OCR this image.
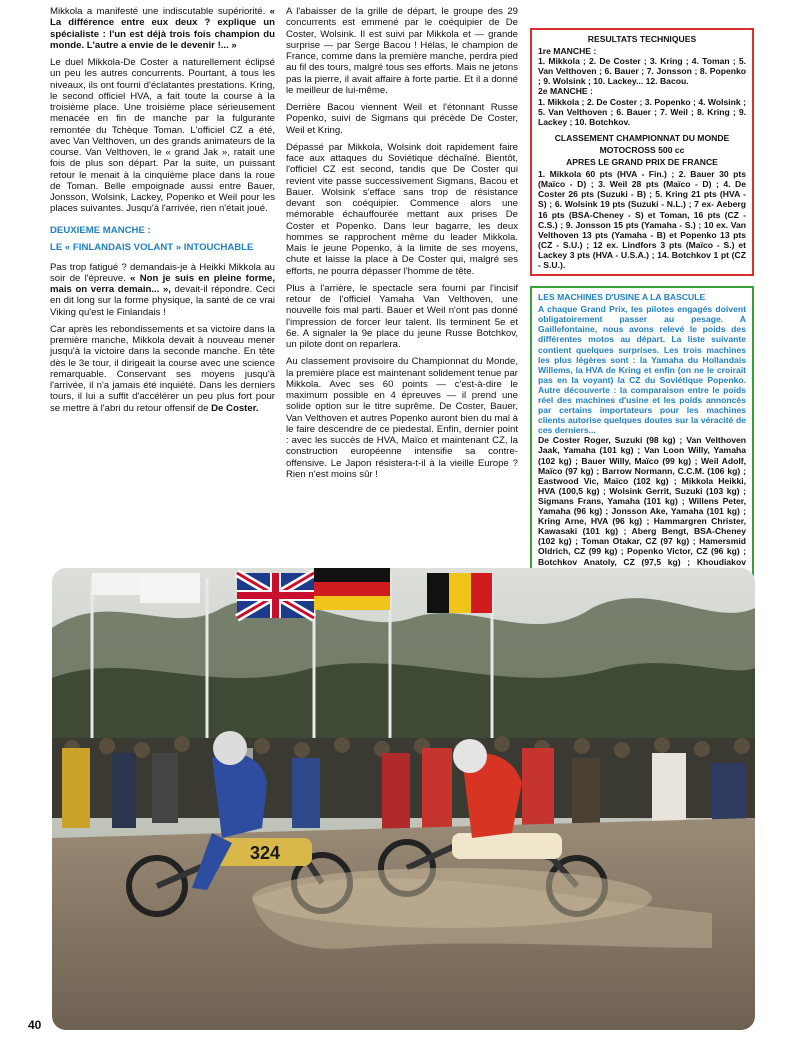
Mikkola a manifesté une indiscutable supériorité. « La différence entre eux deux ? explique un spécialiste : l'un est déjà trois fois champion du monde. L'autre a envie de le devenir !... »

Le duel Mikkola-De Coster a naturellement éclipsé un peu les autres concurrents. Pourtant, à tous les niveaux, ils ont fourni d'éclatantes prestations. Kring, le second officiel HVA, a fait toute la course à la troisième place. Une troisième place sérieusement menacée en fin de manche par la fulgurante remontée du Tchèque Toman. L'officiel CZ a été, avec Van Velthoven, un des grands animateurs de la course. Van Velthoven, le « grand Jak », ratait une fois de plus son départ. Par la suite, un puissant retour le menait à la cinquième place dans la roue de Toman. Belle empoignade aussi entre Bauer, Jonsson, Wolsink, Lackey, Popenko et Weil pour les places suivantes. Jusqu'à l'arrivée, rien n'était joué.

DEUXIEME MANCHE :
LE « FINLANDAIS VOLANT » INTOUCHABLE

Pas trop fatigué ? demandais-je à Heikki Mikkola au soir de l'épreuve. « Non je suis en pleine forme, mais on verra demain... », devait-il répondre. Ceci en dit long sur la forme physique, la santé de ce vrai Viking qu'est le Finlandais !

Car après les rebondissements et sa victoire dans la première manche, Mikkola devait à nouveau mener jusqu'à la victoire dans la seconde manche. En tête dès le 3e tour, il dirigeait la course avec une science remarquable. Conservant ses moyens jusqu'à l'arrivée, il n'a jamais été inquiété. Dans les derniers tours, il lui a suffit d'accélérer un peu plus fort pour se mettre à l'abri du retour offensif de De Coster.

A l'abaisser de la grille de départ, le groupe des 29 concurrents est emmené par le coéquipier de De Coster, Wolsink. Il est suivi par Mikkola et — grande surprise — par Serge Bacou ! Hélas, le champion de France, comme dans la première manche, perdra pied au fil des tours, malgré tous ses efforts. Mais ne jetons pas la pierre, il avait affaire à forte partie. Et il a donné le meilleur de lui-même.

Derrière Bacou viennent Weil et l'étonnant Russe Popenko, suivi de Sigmans qui précède De Coster, Weil et Kring.

Dépassé par Mikkola, Wolsink doit rapidement faire face aux attaques du Soviétique déchaîné. Bientôt, l'officiel CZ est second, tandis que De Coster qui revient vite passe successivement Sigmans, Bacou et Bauer. Wolsink s'efface sans trop de résistance devant son coéquipier. Commence alors une mémorable échauffourée mettant aux prises De Coster et Popenko. Dans leur bagarre, les deux hommes se rapprochent même du leader Mikkola. Mais le jeune Popenko, à la limite de ses moyens, chute et laisse la place à De Coster qui, malgré ses efforts, ne pourra dépasser l'homme de tête.

Plus à l'arrière, le spectacle sera fourni par l'incisif retour de l'officiel Yamaha Van Velthoven, une nouvelle fois mal parti. Bauer et Weil n'ont pas donné l'impression de forcer leur talent. Ils terminent 5e et 6e. A signaler la 9e place du jeune Russe Botchkov, un pilote dont on reparlera.

Au classement provisoire du Championnat du Monde, la première place est maintenant solidement tenue par Mikkola. Avec ses 60 points — c'est-à-dire le maximum possible en 4 épreuves — il prend une solide option sur le titre suprême. De Coster, Bauer, Van Velthoven et autres Popenko auront bien du mal à le faire descendre de ce piedestal. Enfin, dernier point : avec les succès de HVA, Maïco et maintenant CZ, la construction européenne intensifie sa contre-offensive. Le Japon résistera-t-il à la vieille Europe ? Rien n'est moins sûr !

RESULTATS TECHNIQUES

1re MANCHE :

1. Mikkola ; 2. De Coster ; 3. Kring ; 4. Toman ; 5. Van Velthoven ; 6. Bauer ; 7. Jonsson ; 8. Popenko ; 9. Wolsink ; 10. Lackey... 12. Bacou.

2e MANCHE :

1. Mikkola ; 2. De Coster ; 3. Popenko ; 4. Wolsink ; 5. Van Velthoven ; 6. Bauer ; 7. Weil ; 8. Kring ; 9. Lackey ; 10. Botchkov.

CLASSEMENT CHAMPIONNAT DU MONDE
MOTOCROSS 500 cc
APRES LE GRAND PRIX DE FRANCE

1. Mikkola 60 pts (HVA - Fin.) ; 2. Bauer 30 pts (Maïco - D) ; 3. Weil 28 pts (Maïco - D) ; 4. De Coster 26 pts (Suzuki - B) ; 5. Kring 21 pts (HVA - S) ; 6. Wolsink 19 pts (Suzuki - N.L.) ; 7 ex- Aeberg 16 pts (BSA-Cheney - S) et Toman, 16 pts (CZ - C.S.) ; 9. Jonsson 15 pts (Yamaha - S.) ; 10 ex. Van Velthoven 13 pts (Yamaha - B) et Popenko 13 pts (CZ - S.U.) ; 12 ex. Lindfors 3 pts (Maïco - S.) et Lackey 3 pts (HVA - U.S.A.) ; 14. Botchkov 1 pt (CZ - S.U.).

LES MACHINES D'USINE A LA BASCULE

A chaque Grand Prix, les pilotes engagés doivent obligatoirement passer au pesage. A Gaillefontaine, nous avons relevé le poids des différentes motos au départ. La liste suivante contient quelques surprises. Les trois machines les plus légères sont : la Yamaha du Hollandais Willems, la HVA de Kring et enfin (on ne le croirait pas en la voyant) la CZ du Soviétique Popenko. Autre découverte : la comparaison entre le poids réel des machines d'usine et les poids annoncés par certains importateurs pour les machines clients autorise quelques doutes sur la véracité de ces derniers...

De Coster Roger, Suzuki (98 kg) ; Van Velthoven Jaak, Yamaha (101 kg) ; Van Loon Willy, Yamaha (102 kg) ; Bauer Willy, Maïco (99 kg) ; Weil Adolf, Maïco (97 kg) ; Barrow Normann, C.C.M. (106 kg) ; Eastwood Vic, Maïco (102 kg) ; Mikkola Heikki, HVA (100,5 kg) ; Wolsink Gerrit, Suzuki (103 kg) ; Sigmans Frans, Yamaha (101 kg) ; Willens Peter, Yamaha (96 kg) ; Jonsson Ake, Yamaha (101 kg) ; Kring Arne, HVA (96 kg) ; Hammargren Christer, Kawasaki (101 kg) ; Aberg Bengt, BSA-Cheney (102 kg) ; Toman Otakar, CZ (97 kg) ; Hamersmid Oldrich, CZ (99 kg) ; Popenko Victor, CZ (96 kg) ; Botchkov Anatoly, CZ (97,5 kg) ; Khoudiakov

324
40
